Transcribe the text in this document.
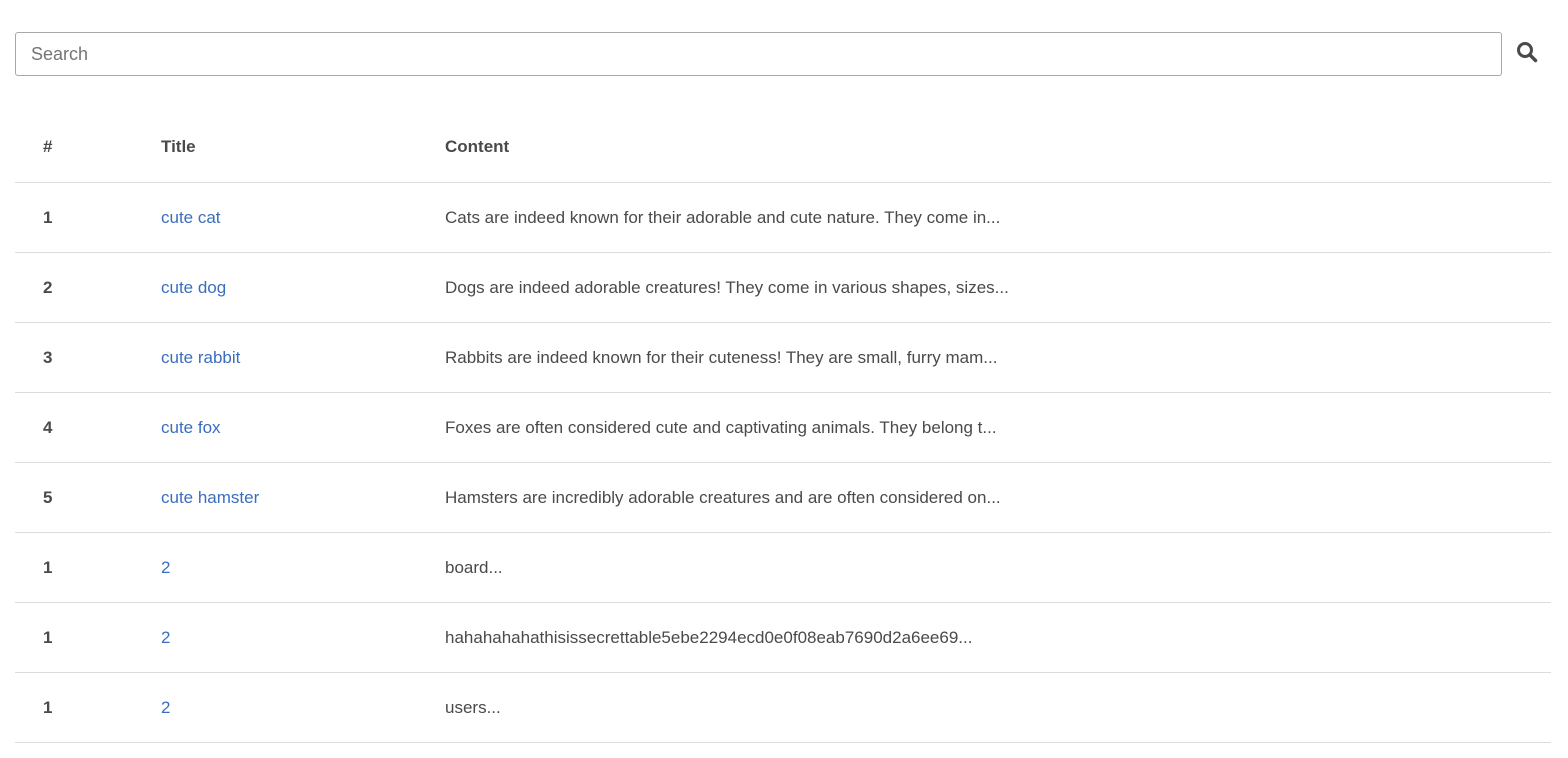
Search
#	Title	Content
1	cute cat	Cats are indeed known for their adorable and cute nature. They come in...
2	cute dog	Dogs are indeed adorable creatures! They come in various shapes, sizes...
3	cute rabbit	Rabbits are indeed known for their cuteness! They are small, furry mam...
4	cute fox	Foxes are often considered cute and captivating animals. They belong t...
5	cute hamster	Hamsters are incredibly adorable creatures and are often considered on...
1	2	board...
1	2	hahahahahathisissecrettable5ebe2294ecd0e0f08eab7690d2a6ee69...
1	2	users...
